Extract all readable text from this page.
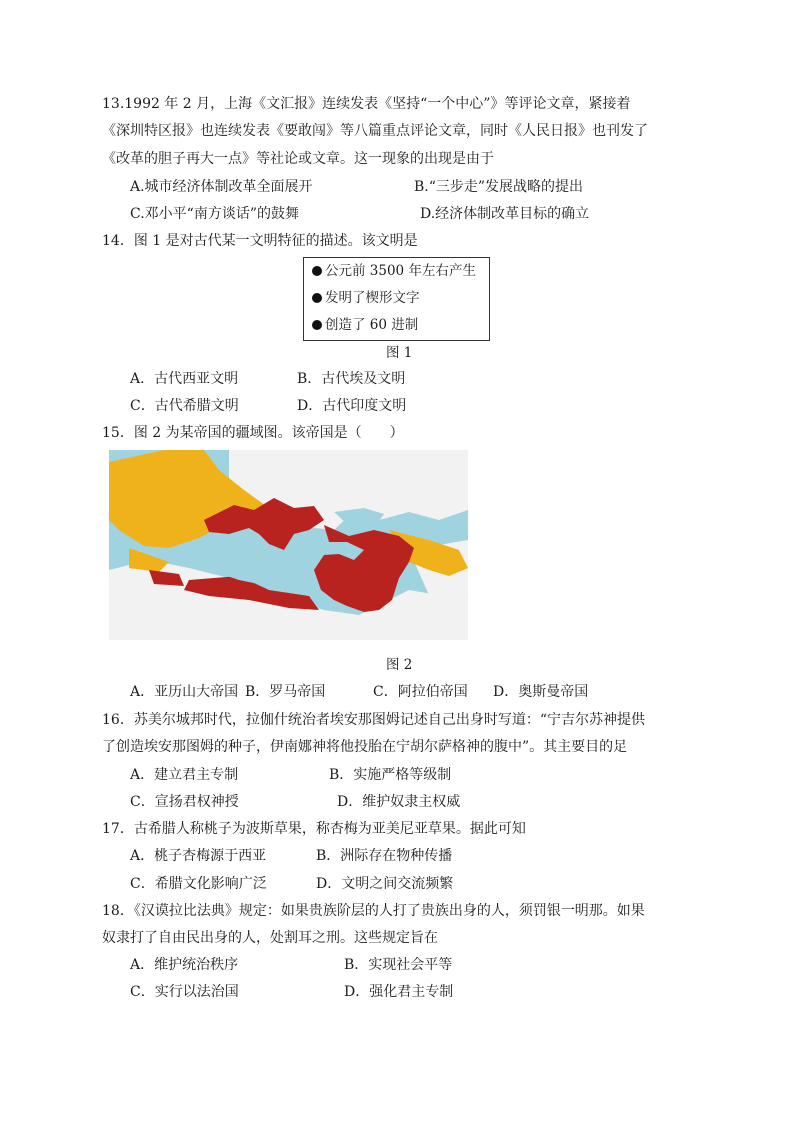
13.1992 年 2 月，上海《文汇报》连续发表《坚持“一个中心”》等评论文章，紧接着
《深圳特区报》也连续发表《要敢闯》等八篇重点评论文章，同时《人民日报》也刊发了
《改革的胆子再大一点》等社论或文章。这一现象的出现是由于
A.城市经济体制改革全面展开	B.“三步走”发展战略的提出
C.邓小平“南方谈话”的鼓舞	D.经济体制改革目标的确立
14．图 1 是对古代某一文明特征的描述。该文明是
公元前 3500 年左右产生
发明了楔形文字
创造了 60 进制
图 1
A．古代西亚文明	B．古代埃及文明
C．古代希腊文明	D．古代印度文明
15．图 2 为某帝国的疆域图。该帝国是（　　）
图 2
A．亚历山大帝国 B．罗马帝国	C．阿拉伯帝国 D．奥斯曼帝国
16．苏美尔城邦时代，拉伽什统治者埃安那图姆记述自己出身时写道：“宁吉尔苏神提供
了创造埃安那图姆的种子，伊南娜神将他投胎在宁胡尔萨格神的腹中”。其主要目的足
A．建立君主专制	B．实施严格等级制
C．宣扬君权神授	D．维护奴隶主权威
17．古希腊人称桃子为波斯草果，称杏梅为亚美尼亚草果。据此可知
A．桃子杏梅源于西亚	B．洲际存在物种传播
C．希腊文化影响广泛	D．文明之间交流频繁
18．《汉谟拉比法典》规定：如果贵族阶层的人打了贵族出身的人，须罚银一明那。如果
奴隶打了自由民出身的人，处割耳之刑。这些规定旨在
A．维护统治秩序	B．实现社会平等
C．实行以法治国	D．强化君主专制
